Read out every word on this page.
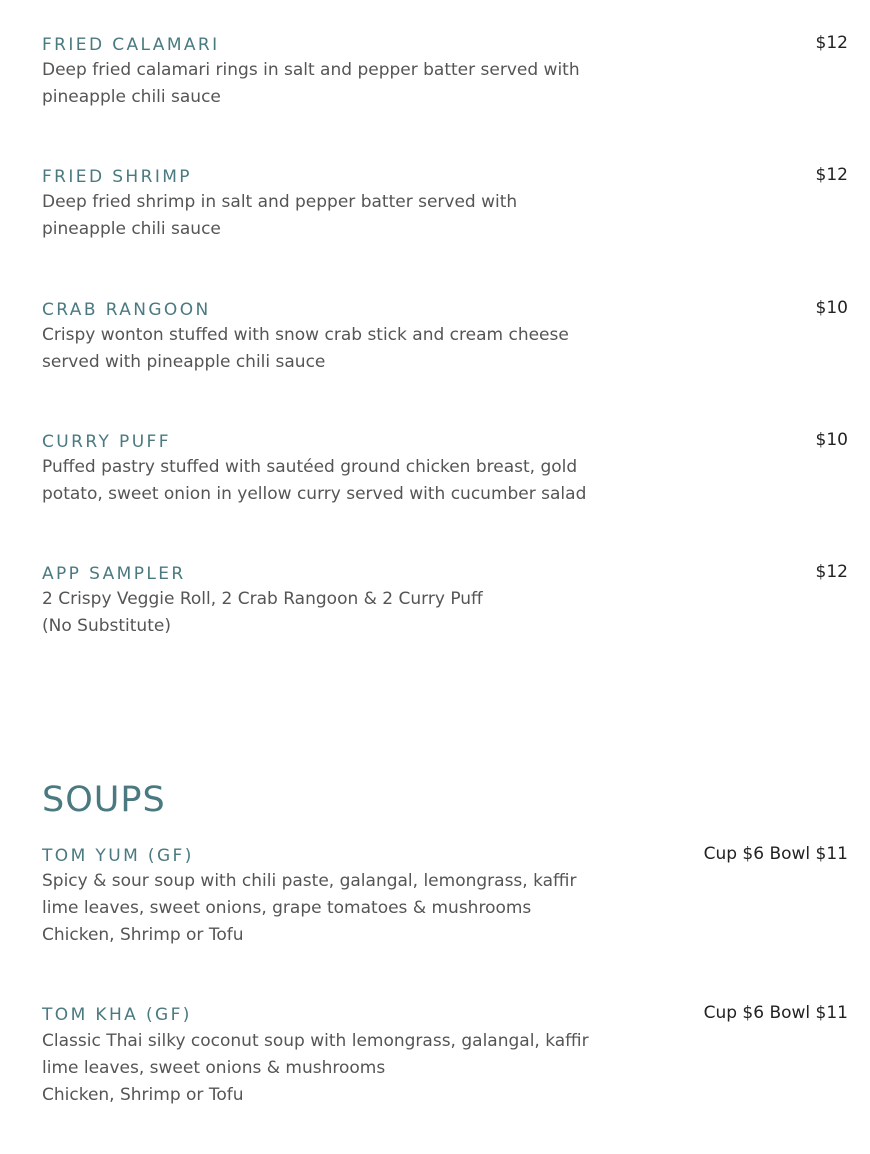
FRIED CALAMARI	$12
Deep fried calamari rings in salt and pepper batter served with
pineapple chili sauce
FRIED SHRIMP	$12
Deep fried shrimp in salt and pepper batter served with
pineapple chili sauce
CRAB RANGOON	$10
Crispy wonton stuffed with snow crab stick and cream cheese
served with pineapple chili sauce
CURRY PUFF	$10
Puffed pastry stuffed with sautéed ground chicken breast, gold
potato, sweet onion in yellow curry served with cucumber salad
APP SAMPLER	$12
2 Crispy Veggie Roll, 2 Crab Rangoon & 2 Curry Puff
(No Substitute)
SOUPS
TOM YUM (GF)	Cup $6 Bowl $11
Spicy & sour soup with chili paste, galangal, lemongrass, kaffir
lime leaves, sweet onions, grape tomatoes & mushrooms
Chicken, Shrimp or Tofu
TOM KHA (GF)	Cup $6 Bowl $11
Classic Thai silky coconut soup with lemongrass, galangal, kaffir
lime leaves, sweet onions & mushrooms
Chicken, Shrimp or Tofu
